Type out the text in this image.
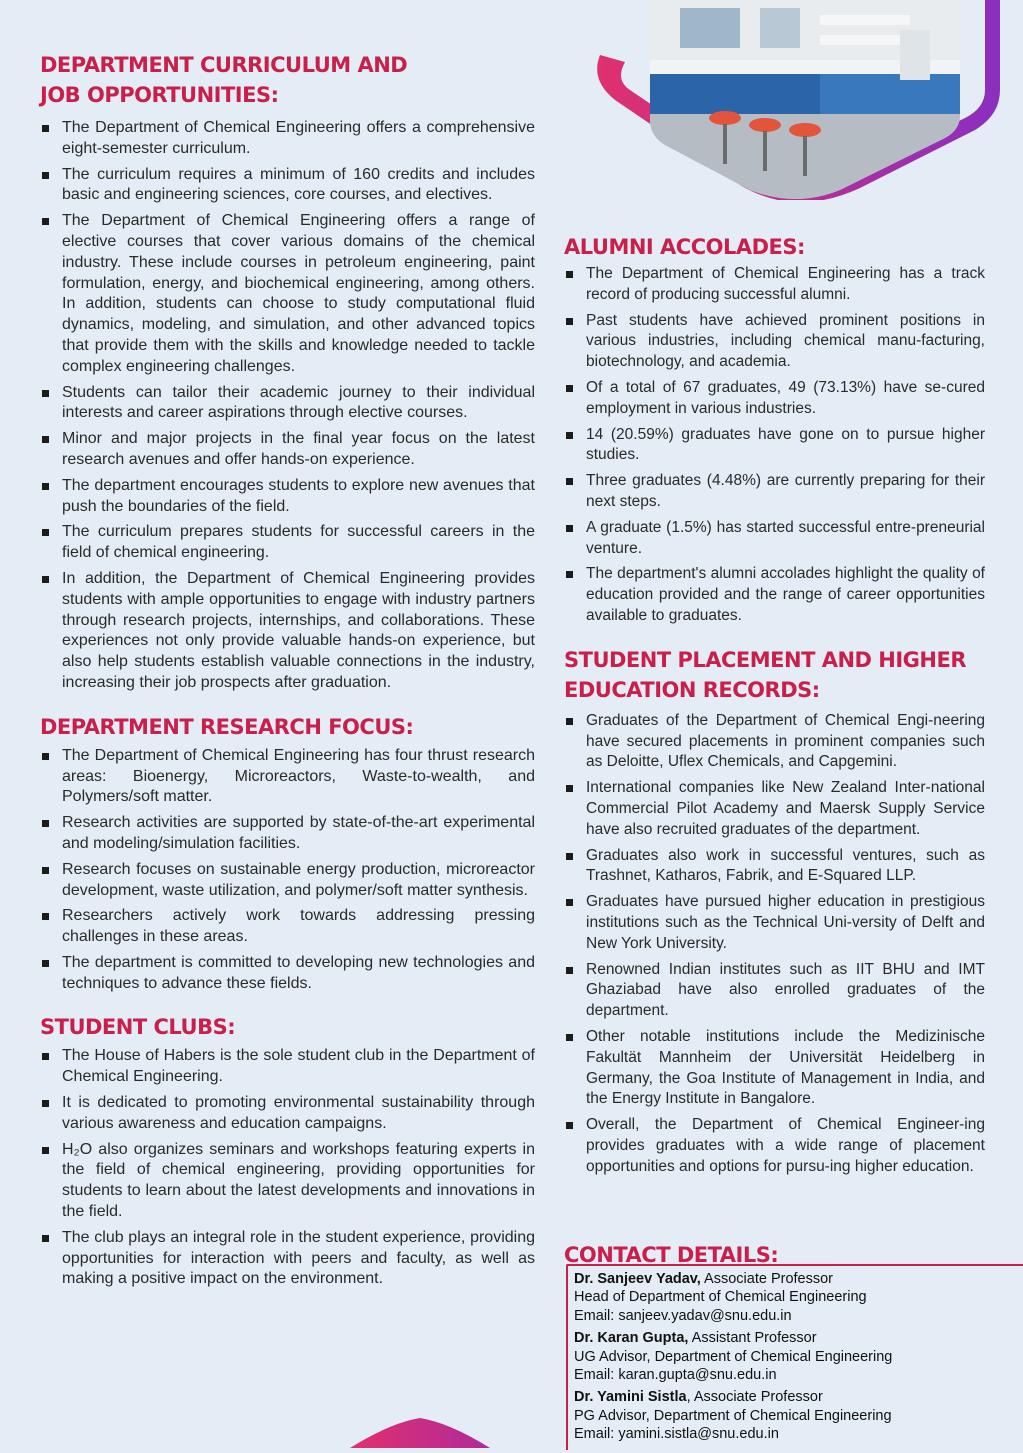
DEPARTMENT CURRICULUM AND
JOB OPPORTUNITIES:
The Department of Chemical Engineering offers a comprehensive eight-semester curriculum.
The curriculum requires a minimum of 160 credits and includes basic and engineering sciences, core courses, and electives.
The Department of Chemical Engineering offers a range of elective courses that cover various domains of the chemical industry. These include courses in petroleum engineering, paint formulation, energy, and biochemical engineering, among others. In addition, students can choose to study computational fluid dynamics, modeling, and simulation, and other advanced topics that provide them with the skills and knowledge needed to tackle complex engineering challenges.
Students can tailor their academic journey to their individual interests and career aspirations through elective courses.
Minor and major projects in the final year focus on the latest research avenues and offer hands-on experience.
The department encourages students to explore new avenues that push the boundaries of the field.
The curriculum prepares students for successful careers in the field of chemical engineering.
In addition, the Department of Chemical Engineering provides students with ample opportunities to engage with industry partners through research projects, internships, and collaborations. These experiences not only provide valuable hands-on experience, but also help students establish valuable connections in the industry, increasing their job prospects after graduation.
DEPARTMENT RESEARCH FOCUS:
The Department of Chemical Engineering has four thrust research areas: Bioenergy, Microreactors, Waste-to-wealth, and Polymers/soft matter.
Research activities are supported by state-of-the-art experimental and modeling/simulation facilities.
Research focuses on sustainable energy production, microreactor development, waste utilization, and polymer/soft matter synthesis.
Researchers actively work towards addressing pressing challenges in these areas.
The department is committed to developing new technologies and techniques to advance these fields.
STUDENT CLUBS:
The House of Habers is the sole student club in the Department of Chemical Engineering.
It is dedicated to promoting environmental sustainability through various awareness and education campaigns.
H₂O also organizes seminars and workshops featuring experts in the field of chemical engineering, providing opportunities for students to learn about the latest developments and innovations in the field.
The club plays an integral role in the student experience, providing opportunities for interaction with peers and faculty, as well as making a positive impact on the environment.
ALUMNI ACCOLADES:
The Department of Chemical Engineering has a track record of producing successful alumni.
Past students have achieved prominent positions in various industries, including chemical manu-facturing, biotechnology, and academia.
Of a total of 67 graduates, 49 (73.13%) have se-cured employment in various industries.
14 (20.59%) graduates have gone on to pursue higher studies.
Three graduates (4.48%) are currently preparing for their next steps.
A graduate (1.5%) has started successful entre-preneurial venture.
The department's alumni accolades highlight the quality of education provided and the range of career opportunities available to graduates.
STUDENT PLACEMENT AND HIGHER
EDUCATION RECORDS:
Graduates of the Department of Chemical Engi-neering have secured placements in prominent companies such as Deloitte, Uflex Chemicals, and Capgemini.
International companies like New Zealand Inter-national Commercial Pilot Academy and Maersk Supply Service have also recruited graduates of the department.
Graduates also work in successful ventures, such as Trashnet, Katharos, Fabrik, and E-Squared LLP.
Graduates have pursued higher education in prestigious institutions such as the Technical Uni-versity of Delft and New York University.
Renowned Indian institutes such as IIT BHU and IMT Ghaziabad have also enrolled graduates of the department.
Other notable institutions include the Medizinische Fakultät Mannheim der Universität Heidelberg in Germany, the Goa Institute of Management in India, and the Energy Institute in Bangalore.
Overall, the Department of Chemical Engineer-ing provides graduates with a wide range of placement opportunities and options for pursu-ing higher education.
CONTACT DETAILS:
Dr. Sanjeev Yadav, Associate Professor
Head of Department of Chemical Engineering
Email: sanjeev.yadav@snu.edu.in
Dr. Karan Gupta, Assistant Professor
UG Advisor, Department of Chemical Engineering
Email: karan.gupta@snu.edu.in
Dr. Yamini Sistla, Associate Professor
PG Advisor, Department of Chemical Engineering
Email: yamini.sistla@snu.edu.in
